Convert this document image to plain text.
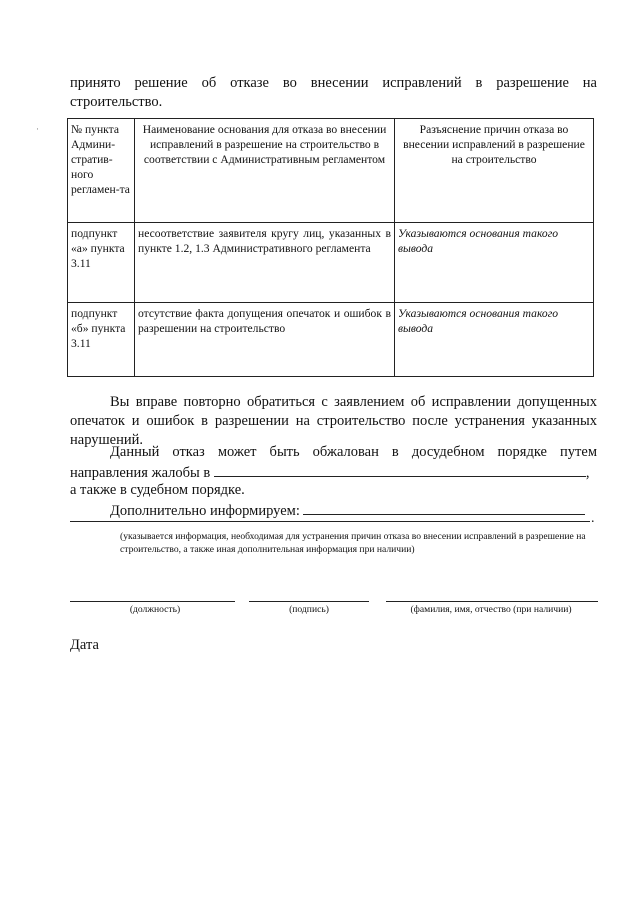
принято решение об отказе во внесении исправлений в разрешение на
строительство.
·	№ пункта Админи-стратив-ного регламен-та	Наименование основания для отказа во внесении исправлений в разрешение на строительство в соответствии с Административным регламентом	Разъяснение причин отказа во внесении исправлений в разрешение на строительство
подпункт «а» пункта 3.11	несоответствие заявителя кругу лиц, указанных в пункте 1.2, 1.3 Административного регламента	Указываются основания такого вывода
подпункт «б» пункта 3.11	отсутствие факта допущения опечаток и ошибок в разрешении на строительство	Указываются основания такого вывода
Вы вправе повторно обратиться с заявлением об исправлении допущенных опечаток и ошибок в разрешении на строительство после устранения указанных нарушений.
Данный отказ может быть обжалован в досудебном порядке путем направления жалобы в	,
а также в судебном порядке.
Дополнительно информируем:	.
(указывается информация, необходимая для устранения причин отказа во внесении исправлений в разрешение на строительство, а также иная дополнительная информация при наличии)
(должность)	(подпись)	(фамилия, имя, отчество (при наличии)
Дата
